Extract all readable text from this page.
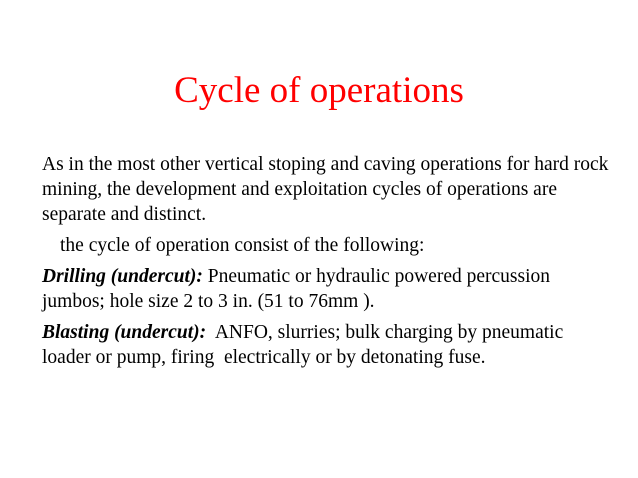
Cycle of operations

As in the most other vertical stoping and caving operations for hard rock mining, the development and exploitation cycles of operations are separate and distinct.

the cycle of operation consist of the following:

Drilling (undercut): Pneumatic or hydraulic powered percussion jumbos; hole size 2 to 3 in. (51 to 76mm ).

Blasting (undercut):  ANFO, slurries; bulk charging by pneumatic loader or pump, firing  electrically or by detonating fuse.
